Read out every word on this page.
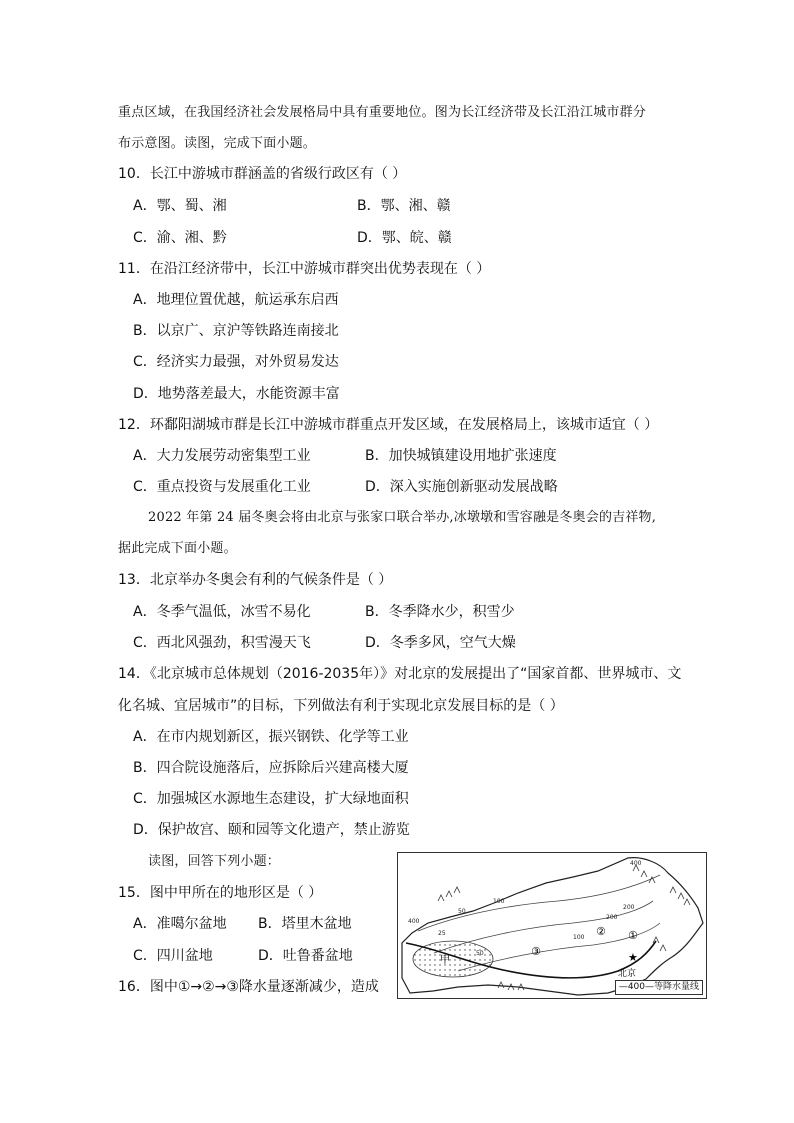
重点区域，在我国经济社会发展格局中具有重要地位。图为长江经济带及长江沿江城市群分
布示意图。读图，完成下面小题。
10．长江中游城市群涵盖的省级行政区有（ ）
A．鄂、蜀、湘	B．鄂、湘、赣
C．渝、湘、黔	D．鄂、皖、赣
11．在沿江经济带中，长江中游城市群突出优势表现在（ ）
A．地理位置优越，航运承东启西
B．以京广、京沪等铁路连南接北
C．经济实力最强，对外贸易发达
D．地势落差最大，水能资源丰富
12．环鄱阳湖城市群是长江中游城市群重点开发区域，在发展格局上，该城市适宜（ ）
A．大力发展劳动密集型工业	B．加快城镇建设用地扩张速度
C．重点投资与发展重化工业	D．深入实施创新驱动发展战略
2022 年第 24 届冬奥会将由北京与张家口联合举办,冰墩墩和雪容融是冬奥会的吉祥物,
据此完成下面小题。
13．北京举办冬奥会有利的气候条件是（ ）
A．冬季气温低，冰雪不易化	B．冬季降水少，积雪少
C．西北风强劲，积雪漫天飞	D．冬季多风，空气大燥
14．《北京城市总体规划（2016-2035年）》对北京的发展提出了“国家首都、世界城市、文
化名城、宜居城市”的目标，下列做法有利于实现北京发展目标的是（ ）
A．在市内规划新区，振兴钢铁、化学等工业
B．四合院设施落后，应拆除后兴建高楼大厦
C．加强城区水源地生态建设，扩大绿地面积
D．保护故宫、颐和园等文化遗产，禁止游览
读图，回答下列小题：
15．图中甲所在的地形区是（ ）
A．准噶尔盆地 B．塔里木盆地
C．四川盆地	D．吐鲁番盆地
16．图中①→②→③降水量逐渐减少，造成
★
甲
③
② ①
北京
400
200
100
50
25
50
100
200
400
—400—等降水量线
